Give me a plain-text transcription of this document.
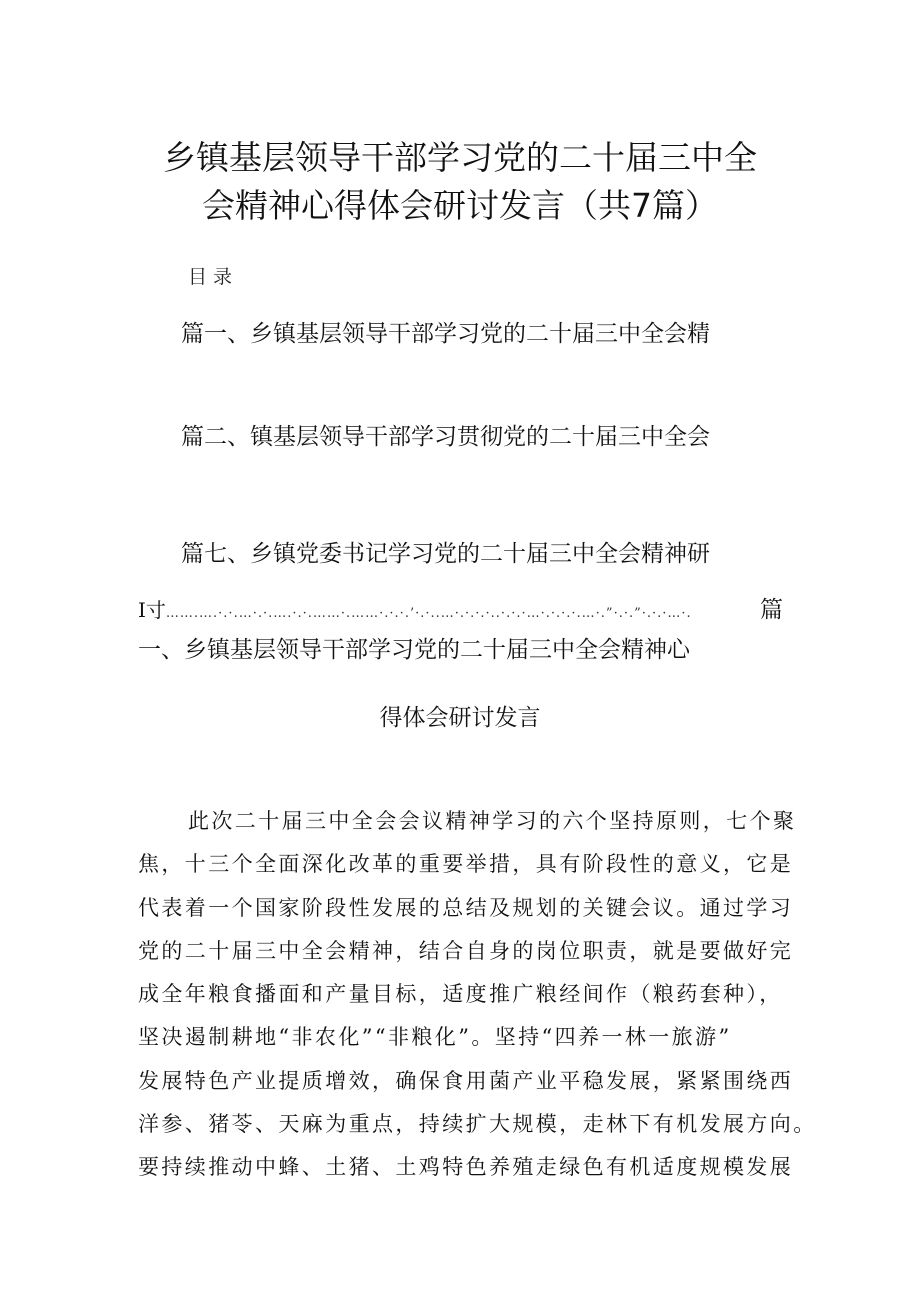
乡镇基层领导干部学习党的二十届三中全
会精神心得体会研讨发言（共7篇）
目录
篇一、乡镇基层领导干部学习党的二十届三中全会精
篇二、镇基层领导干部学习贯彻党的二十届三中全会
篇七、乡镇党委书记学习党的二十届三中全会精神研
I寸…….….·.·.…·.·.….·.·.……·.……·.·.·.’·.·..…·.·.·.·..·.·.·…·.·.·.·.…·.”·.·.”·.·.·…·.	篇
一、乡镇基层领导干部学习党的二十届三中全会精神心
得体会研讨发言
此次二十届三中全会会议精神学习的六个坚持原则，七个聚
焦，十三个全面深化改革的重要举措，具有阶段性的意义，它是
代表着一个国家阶段性发展的总结及规划的关键会议。通过学习
党的二十届三中全会精神，结合自身的岗位职责，就是要做好完
成全年粮食播面和产量目标，适度推广粮经间作（粮药套种），
坚决遏制耕地“非农化”“非粮化”。坚持“四养一林一旅游”
发展特色产业提质增效，确保食用菌产业平稳发展，紧紧围绕西
洋参、猪苓、天麻为重点，持续扩大规模，走林下有机发展方向。
要持续推动中蜂、土猪、土鸡特色养殖走绿色有机适度规模发展
